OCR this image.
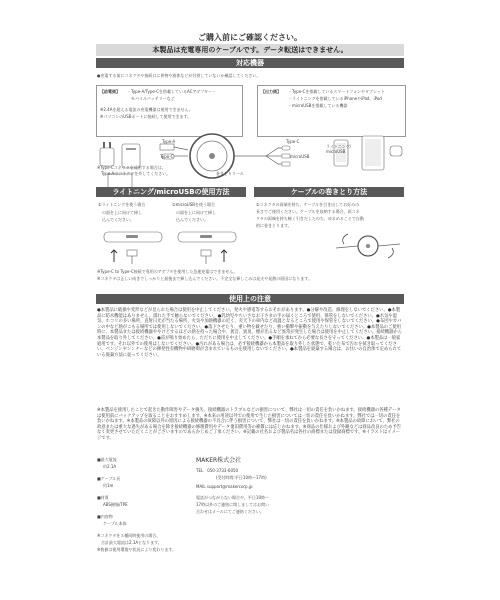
ご購入前にご確認ください。
本製品は充電専用のケーブルです。データ転送はできません。
対応機器
●充電する前にコネクタや接続口に異物や液体などが付着していないか確認してください。
【給電側】 ・Type-A/Type-Cを搭載しているACアダプター・
　モバイルバッテリーなど
※2.4Aを超える電流の充電機器は使用できません。
※パソコンのUSBポートに接続して使用できます。
【出力側】 ・Type-Cを搭載しているスマートフォンやタブレット
・ライトニングを搭載しているiPhoneやiPad、iPod
・microUSBを搭載している機器
Type-A
Type-C
Type-C
ライトニング/
microUSB
microUSB
巻きとりリール
※Type-Cコネクタを使用する場合は、
　Type-Aのコネクタを外してください。
ライトニング/microUSBの使用方法
①ライトニングを使う場合
　の面を上に向けて挿し
　込んでください。
②microUSBを使う場合
　の面を上に向けて挿し
　込んでください。
ケーブルの巻きとり方法
①コネクタの両端を持ち、ケーブルを引き出してお好みの
長さでご使用ください。ケーブルを収納する場合、両コネ
クタの両端を持ち軽く引きだしたのち、ゆるめることで自動
的に巻きとります。
※Type-C to Type-C接続で専用のアダプタを使用した急速充電はできません。
※コネクタは正しい向きでしっかりと最後まで挿し込んでください。不完全な挿しこみは発火や発熱の原因になります。
使用上の注意
●本製品に破損や変形などが見られた場合は使用を中止してください。発火や感電等するおそれがあります。●分解や改造、修理をしないでください。●本製品に防水機能はありません。濡れた手で触らないでください。●乳幼児やちいさなお子さまの手の届くところで使用、保管をしないでください。●水気や湿気、ホコリの多い場所、直射日光が当たる場所、火気や加熱機器の近く、炎天下の車内など高温となるところで使用や保管をしないでください。●布団やカバンの中など熱がこもる場所では使用しないでください。●落下させたり、重い物を載せたり、強い衝撃や振動を与えたりしないでください。●本製品のご使用時に、本製品または接続機器ややけどするほどの熱を持った場合や、異音、異臭、煙が出るなど異常が発生した場合は使用を中止してください。接続機器から本製品を取り外してください。●雷が鳴り始めたら、ただちに使用を中止してください。●手順を承ねてから必要な長さを守ってください。●本製品は一般家庭用です。それ以外での使用はしないでください。●汚れがある場合は、必ず接続機器から本製品を取り外した状態で、乾いた布で汚れを拭き取ってください。ベンジンやシンナーなどの揮発性有機物や研磨剤が含まれているものを使用しないでください。●本製品を廃棄する場合は、お住いの自治体で定められている廃棄方法に従ってください。
※本製品を使用したことで起きた動作障害やデータ損失、接続機器のトラブルなどの損害について、弊社は一切の責任を負いかねます。接続機器の各種データは使用前にバックアップを取ることをおすすめします。※本来の用途以外での使用で生じた損害については一切の責任を負いかねます。弊社では一切の責任を負いかねます。※本製品の故障以外の原因による接続機器の不具合に伴う損害について、弊社は一切の責任を負いかねます。※本製品の故障において、弊社の故意または重大な過失がある場合を除き接続機器の修理費用やデータ復旧費用等の補償には応じかねます。※商品の仕様および外観などは商品改良のため予告なく変更させていただくことがございますのであらかじめご了承ください。※記載の社名および製品名は各社の商標または登録商標です。※イラストはイメージです。
■最大電流
約2.1A
■ケーブル長
約1m
■材質
ABS樹脂/TPE
■内容物
ケーブル本体
MAKER株式会社
TEL　050-3733-6050
(受付時間:平日10時〜17時)
MAIL support@makercorp.jp
電話がつながらない場合や、平日10時〜
17時以外のご連絡に関しましてはお問い
合わせはメールにてご連絡ください。
※コネクタを３種同時使用の場合、
　合計最大電流は2.1Aとなります。
※数値は使用環境や状況により変わります。
